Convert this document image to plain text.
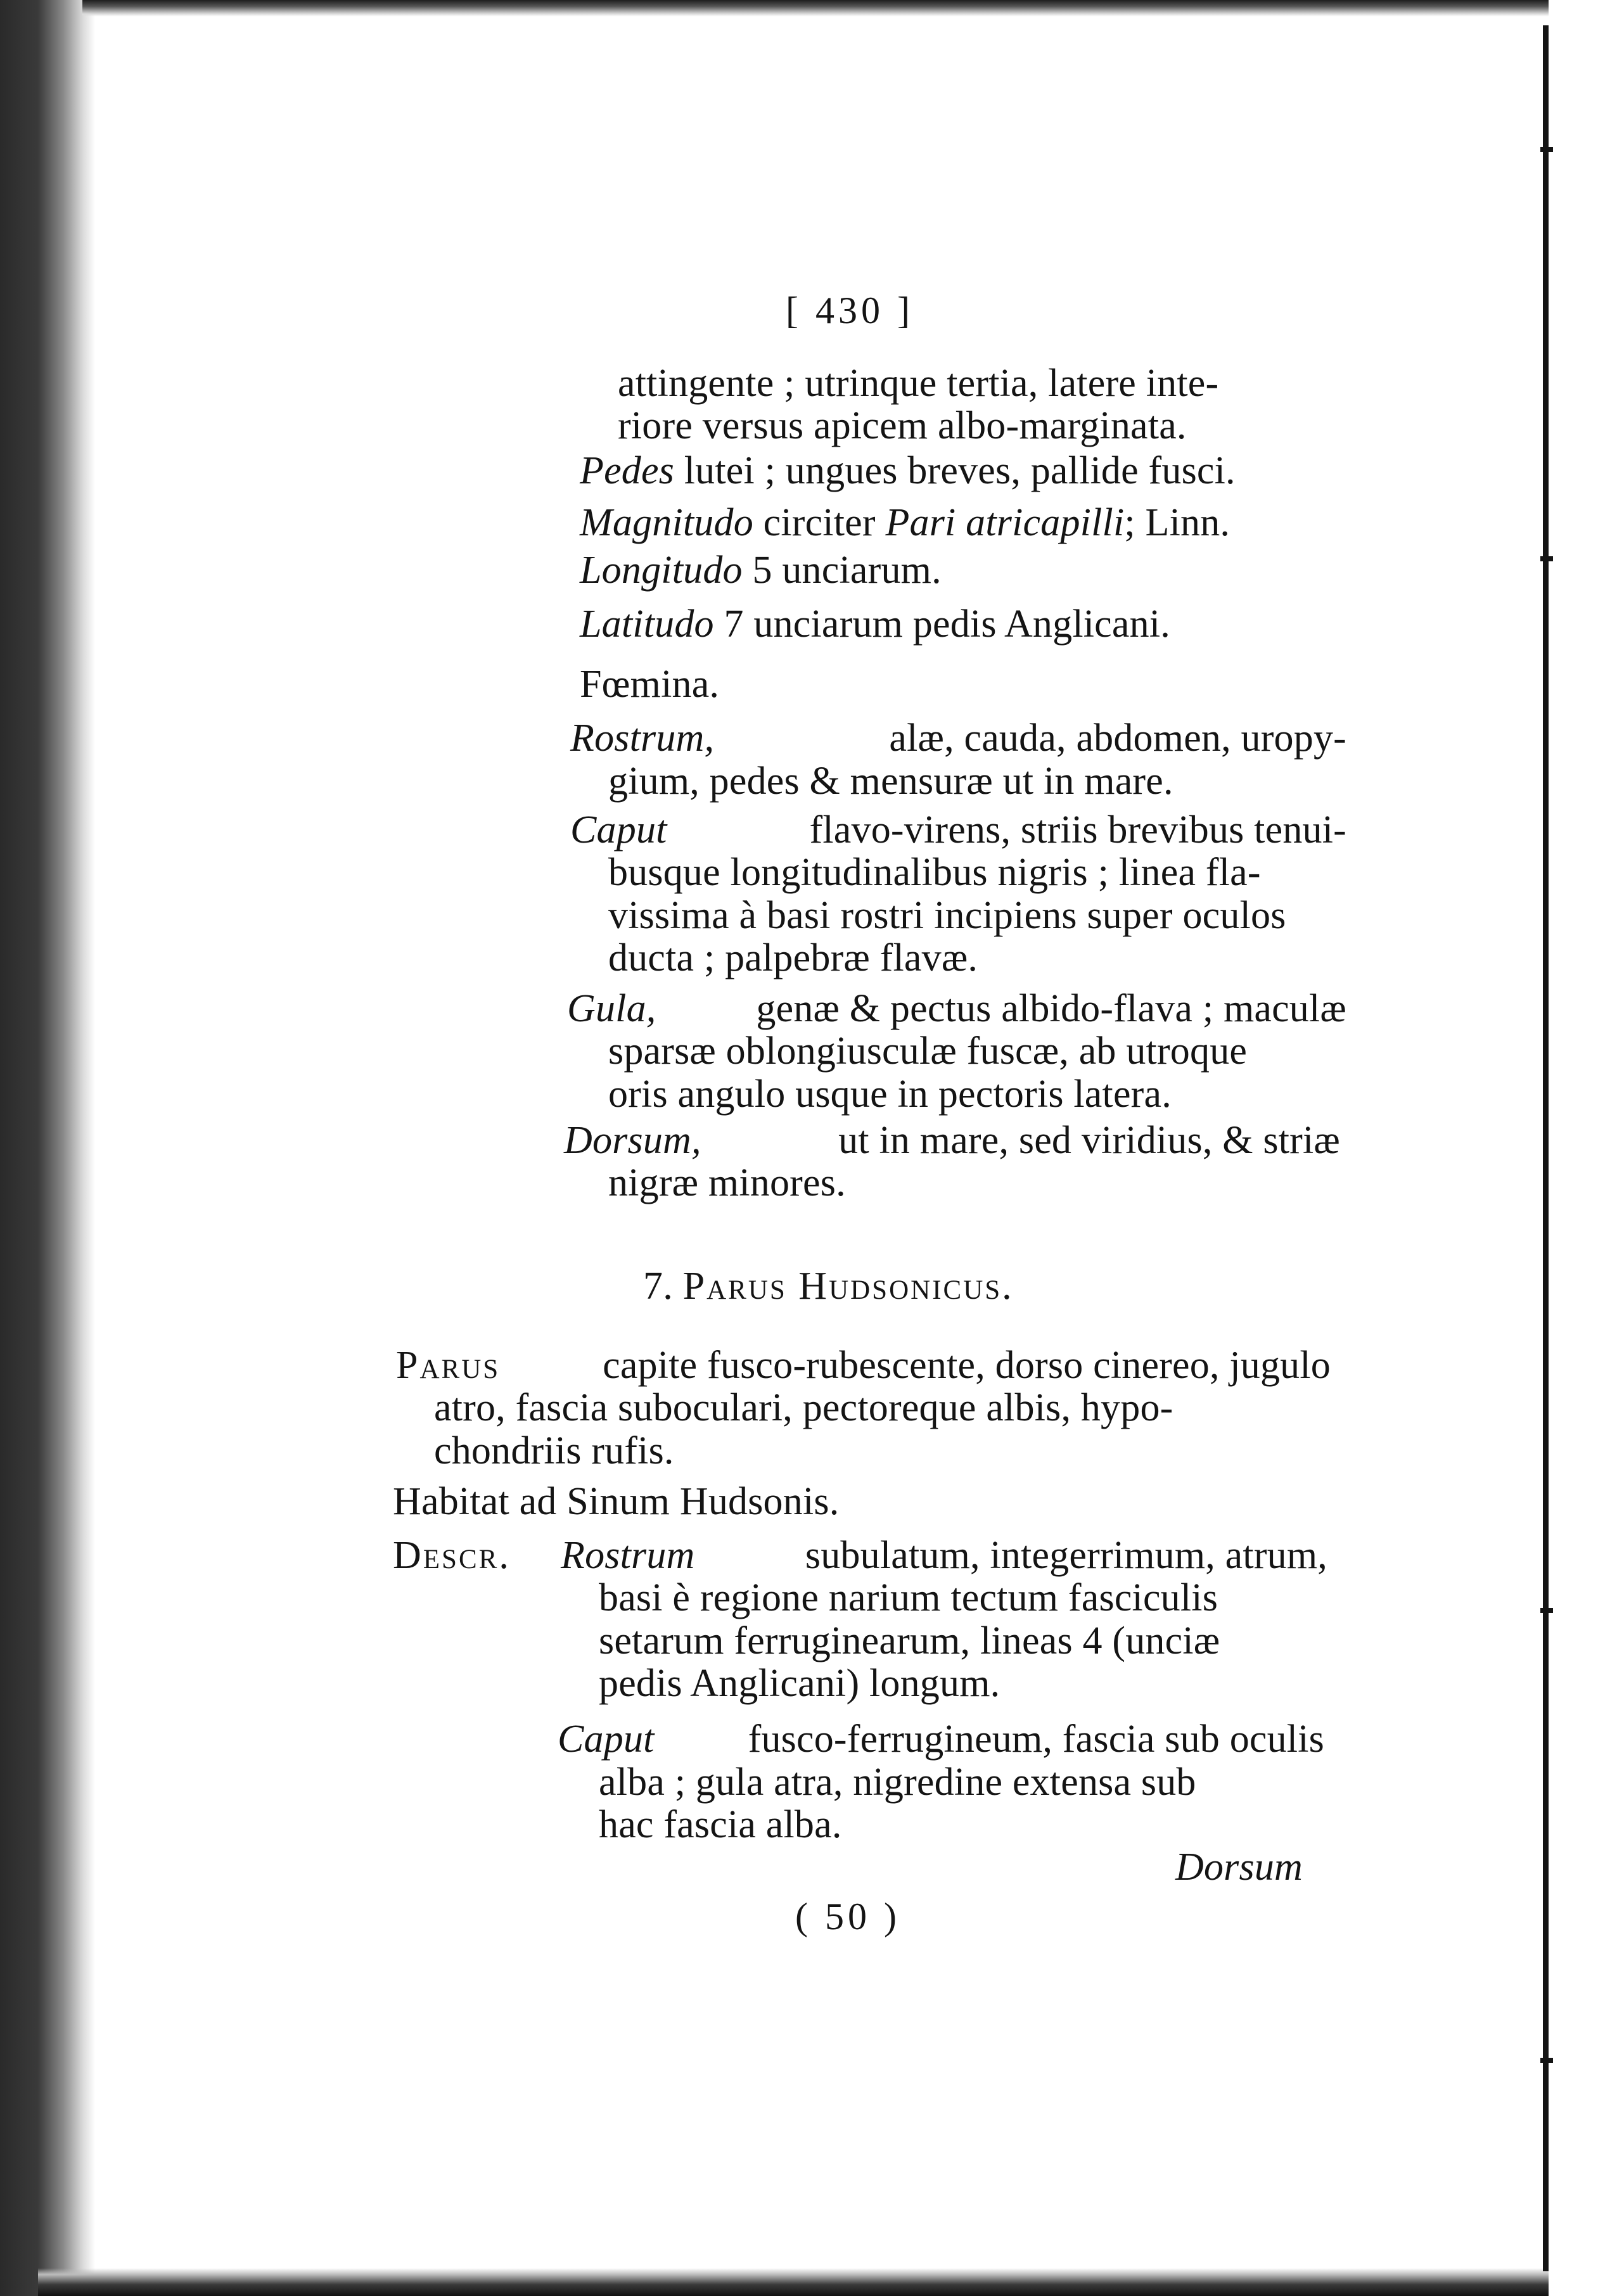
[ 430 ]
attingente ; utrinque tertia, latere inte-
riore versus apicem albo-marginata.
Pedes lutei ; ungues breves, pallide fusci.
Magnitudo circiter Pari atricapilli; Linn.
Longitudo 5 unciarum.
Latitudo 7 unciarum pedis Anglicani.
Fœmina.
Rostrum,	alæ, cauda, abdomen, uropy-
gium, pedes & mensuræ ut in mare.
Caput	flavo-virens, striis brevibus tenui-
busque longitudinalibus nigris ; linea fla-
vissima à basi rostri incipiens super oculos
ducta ; palpebræ flavæ.
Gula,	genæ & pectus albido-flava ; maculæ
sparsæ oblongiusculæ fuscæ, ab utroque
oris angulo usque in pectoris latera.
Dorsum,	ut in mare, sed viridius, & striæ
nigræ minores.
7. Parus Hudsonicus.
Parus	capite fusco-rubescente, dorso cinereo, jugulo
atro, fascia suboculari, pectoreque albis, hypo-
chondriis rufis.
Habitat ad Sinum Hudsonis.
Descr. Rostrum	subulatum, integerrimum, atrum,
basi è regione narium tectum fasciculis
setarum ferruginearum, lineas 4 (unciæ
pedis Anglicani) longum.
Caput fusco-ferrugineum, fascia sub oculis
alba ; gula atra, nigredine extensa sub
hac fascia alba.
Dorsum
( 50 )
